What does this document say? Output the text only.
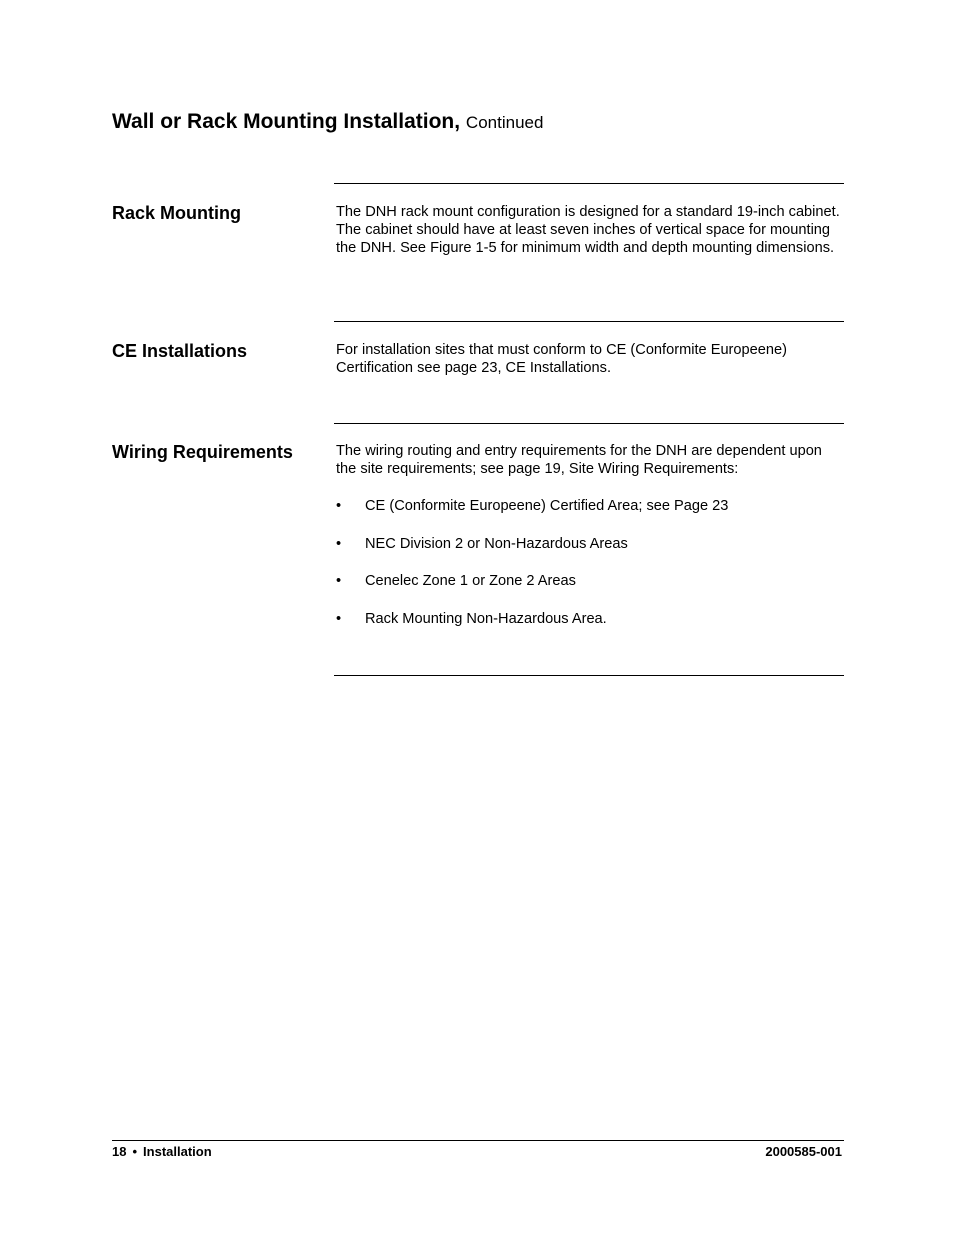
Wall or Rack Mounting Installation, Continued
Rack Mounting	The DNH rack mount configuration is designed for a standard 19-inch cabinet. The cabinet should have at least seven inches of vertical space for mounting the DNH. See Figure 1-5 for minimum width and depth mounting dimensions.

CE Installations	For installation sites that must conform to CE (Conformite Europeene) Certification see page 23, CE Installations.

Wiring Requirements	The wiring routing and entry requirements for the DNH are dependent upon the site requirements; see page 19, Site Wiring Requirements:

•	CE (Conformite Europeene) Certified Area; see Page 23
•	NEC Division 2 or Non-Hazardous Areas
•	Cenelec Zone 1 or Zone 2 Areas
•	Rack Mounting Non-Hazardous Area.
18 • Installation	2000585-001
